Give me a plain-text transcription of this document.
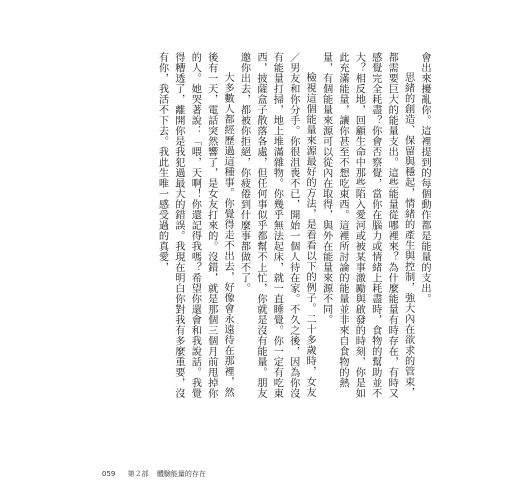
會出來擾亂你。這裡提到的每個動作都是能量的支出。

思緒的創造、保留與穩起，情緒的產生與控制，強大內在欲求的管束，都需要巨大的能量支出。這些能量從哪裡來？為什麼能量有時存在，有時又感覺完全耗盡？你會否察覺，當你在腦力或情緒上耗盡時，食物的幫助並不大？相反地，回顧生命中那些陷入愛河或被某事激勵與啟發的時刻，你是如此充滿能量，讓你甚至不想吃東西。這裡所討論的能量並非來自食物的熱量，有個能量來源可以從內在取得，與外在能量來源不同。

檢視這個能量來源最好的方法，是看看以下的例子。二十多歲時，女友／男友和你分手。你很沮喪不已，開始一個人待在家。不久之後，因為你沒有能量打掃，地上堆滿雜物。你幾乎無法起床，就一直睡覺。你一定有吃東西，披薩盒子散落各處，但任何事似乎都幫不上忙，你就是沒有能量。朋友邀你出去，都被你拒絕，你疲倦到什麼事都做不了。

大多數人都經歷過這種事。你覺得走不出去，好像會永遠待在那裡，然後有一天，電話突然響了，是女友打來的。沒錯，就是那個三個月前甩掉你的人。她哭著說：「喂，天啊！你還記得我嗎？希望你還會和我說話。我覺得糟透了，離開你是我犯過最大的錯誤。我現在明白你對我有多麼重要，沒有你，我活不下去。我此生唯一感受過的真愛，

059 第２部 體驗能量的存在
